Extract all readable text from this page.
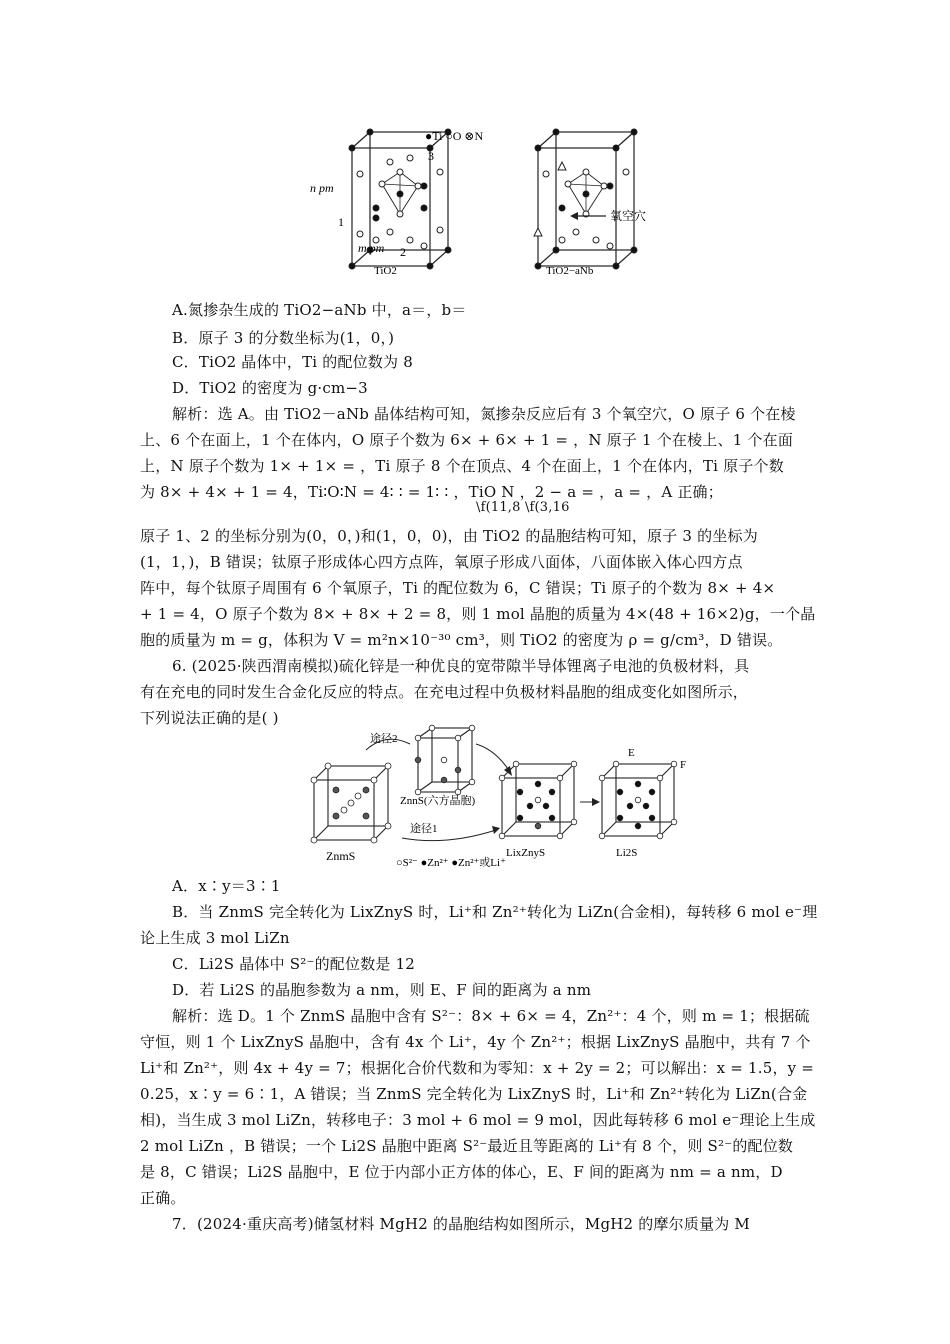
●Ti ○O ⊗N
n pm
1
3
2
m pm
TiO2
氧空穴
TiO2−aNb
A.氮掺杂生成的 TiO2−aNb 中，a＝，b＝
B．原子 3 的分数坐标为(1，0，)
C．TiO2 晶体中，Ti 的配位数为 8
D．TiO2 的密度为 g·cm−3
解析：选 A。由 TiO2－aNb 晶体结构可知，氮掺杂反应后有 3 个氧空穴，O 原子 6 个在棱
上、6 个在面上，1 个在体内，O 原子个数为 6× + 6× + 1 = ，N 原子 1 个在棱上、1 个在面
上，N 原子个数为 1× + 1× = ，Ti 原子 8 个在顶点、4 个在面上，1 个在体内，Ti 原子个数
为 8× + 4× + 1 = 4，Ti∶O∶N = 4∶ ∶ = 1∶ ∶ ，TiO N ，2 − a = ，a = ，A 正确；
\f(11,8 \f(3,16
原子 1、2 的坐标分别为(0，0，)和(1，0，0)，由 TiO2 的晶胞结构可知，原子 3 的坐标为
(1，1，)，B 错误；钛原子形成体心四方点阵，氧原子形成八面体，八面体嵌入体心四方点
阵中，每个钛原子周围有 6 个氧原子，Ti 的配位数为 6，C 错误；Ti 原子的个数为 8× + 4×
+ 1 = 4，O 原子个数为 8× + 8× + 2 = 8，则 1 mol 晶胞的质量为 4×(48 + 16×2)g，一个晶
胞的质量为 m = g，体积为 V = m²n×10⁻³⁰ cm³，则 TiO2 的密度为 ρ = g/cm³，D 错误。
6. (2025·陕西渭南模拟)硫化锌是一种优良的宽带隙半导体锂离子电池的负极材料，具
有在充电的同时发生合金化反应的特点。在充电过程中负极材料晶胞的组成变化如图所示，
下列说法正确的是( )
ZnmS
ZnnS(六方晶胞)
途径2
途径1
LixZnyS
E
F
Li2S
○S²⁻ ●Zn²⁺ ●Zn²⁺或Li⁺
A．x∶y＝3∶1
B．当 ZnmS 完全转化为 LixZnyS 时，Li⁺和 Zn²⁺转化为 LiZn(合金相)，每转移 6 mol e⁻理
论上生成 3 mol LiZn
C．Li2S 晶体中 S²⁻的配位数是 12
D．若 Li2S 的晶胞参数为 a nm，则 E、F 间的距离为 a nm
解析：选 D。1 个 ZnmS 晶胞中含有 S²⁻：8× + 6× = 4，Zn²⁺：4 个，则 m = 1；根据硫
守恒，则 1 个 LixZnyS 晶胞中，含有 4x 个 Li⁺，4y 个 Zn²⁺；根据 LixZnyS 晶胞中，共有 7 个
Li⁺和 Zn²⁺，则 4x + 4y = 7；根据化合价代数和为零知：x + 2y = 2；可以解出：x = 1.5，y =
0.25，x∶y = 6∶1，A 错误；当 ZnmS 完全转化为 LixZnyS 时，Li⁺和 Zn²⁺转化为 LiZn(合金
相)，当生成 3 mol LiZn，转移电子：3 mol + 6 mol = 9 mol，因此每转移 6 mol e⁻理论上生成
2 mol LiZn ，B 错误；一个 Li2S 晶胞中距离 S²⁻最近且等距离的 Li⁺有 8 个，则 S²⁻的配位数
是 8，C 错误；Li2S 晶胞中，E 位于内部小正方体的体心，E、F 间的距离为 nm = a nm，D
正确。
7．(2024·重庆高考)储氢材料 MgH2 的晶胞结构如图所示，MgH2 的摩尔质量为 M
